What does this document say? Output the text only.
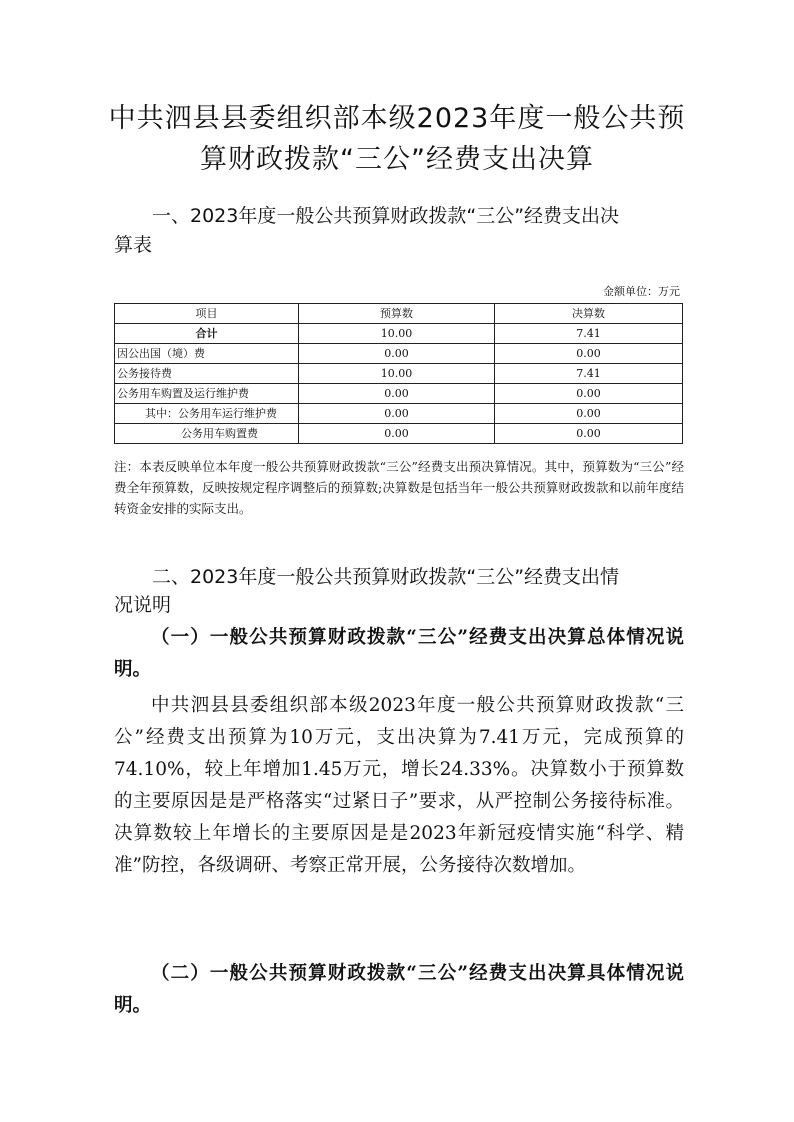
中共泗县县委组织部本级2023年度一般公共预
算财政拨款“三公”经费支出决算
一、2023年度一般公共预算财政拨款“三公”经费支出决
算表
金额单位：万元
项目	预算数	决算数
合计	10.00	7.41
因公出国（境）费	0.00	0.00
公务接待费	10.00	7.41
公务用车购置及运行维护费	0.00	0.00
其中：公务用车运行维护费	0.00	0.00
公务用车购置费	0.00	0.00
注：本表反映单位本年度一般公共预算财政拨款“三公”经费支出预决算情况。其中，预算数为“三公”经费全年预算数，反映按规定程序调整后的预算数;决算数是包括当年一般公共预算财政拨款和以前年度结转资金安排的实际支出。
二、2023年度一般公共预算财政拨款“三公”经费支出情
况说明
（一）一般公共预算财政拨款“三公”经费支出决算总体情况说明。
中共泗县县委组织部本级2023年度一般公共预算财政拨款“三公”经费支出预算为10万元，支出决算为7.41万元，完成预算的74.10%，较上年增加1.45万元，增长24.33%。决算数小于预算数的主要原因是是严格落实“过紧日子”要求，从严控制公务接待标准。决算数较上年增长的主要原因是是2023年新冠疫情实施“科学、精准”防控，各级调研、考察正常开展，公务接待次数增加。
（二）一般公共预算财政拨款“三公”经费支出决算具体情况说明。
